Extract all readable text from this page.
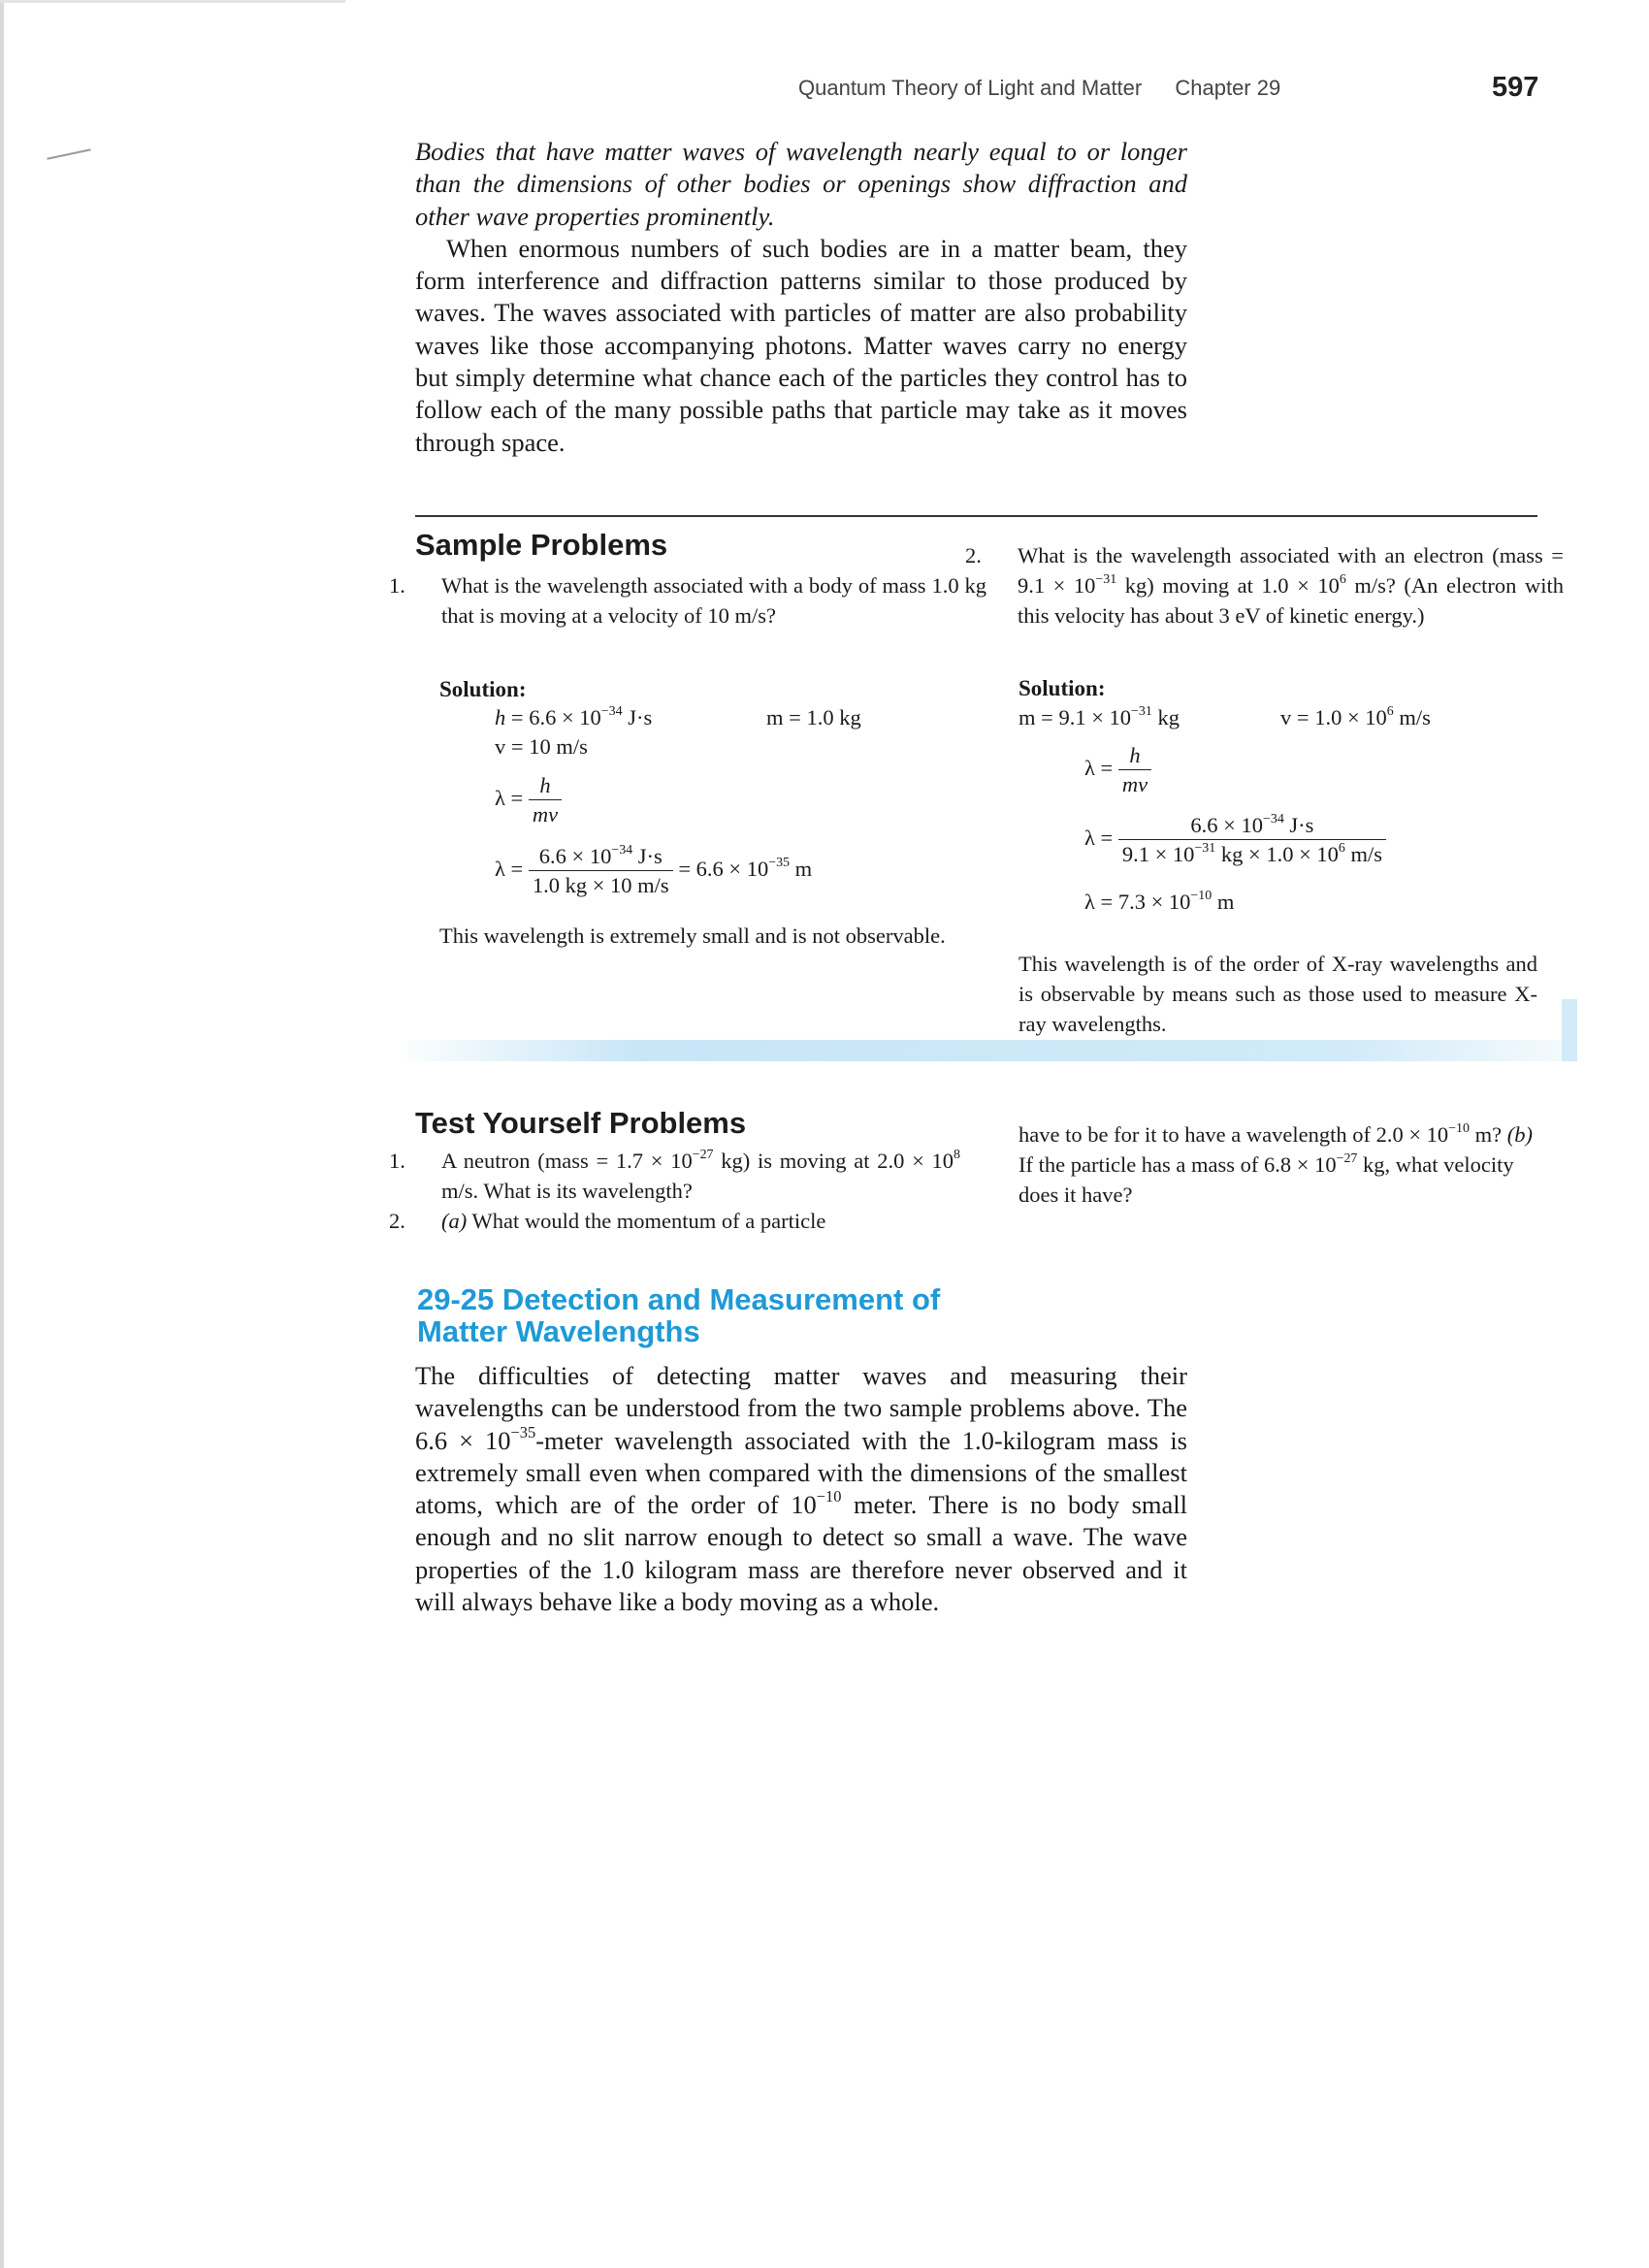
Quantum Theory of Light and Matter Chapter 29	597

Bodies that have matter waves of wavelength nearly equal to or longer than the dimensions of other bodies or openings show diffraction and other wave properties prominently.

When enormous numbers of such bodies are in a matter beam, they form interference and diffraction patterns similar to those produced by waves. The waves associated with particles of matter are also probability waves like those accompanying photons. Matter waves carry no energy but simply determine what chance each of the particles they control has to follow each of the many possible paths that particle may take as it moves through space.

Sample Problems
1. What is the wavelength associated with a body of mass 1.0 kg that is moving at a velocity of 10 m/s?
Solution:
$h = 6.6 \times 10^{-34}$ J·s	m = 1.0 kg
v = 10 m/s
$\lambda = \frac{h}{mv}$
$\lambda = \frac{6.6 \times 10^{-34} J\cdot s}{1.0 kg \times 10 m/s} = 6.6 \times 10^{-35}$ m
This wavelength is extremely small and is not observable.
2. What is the wavelength associated with an electron (mass = $9.1 \times 10^{-31}$ kg) moving at $1.0 \times 10^6$ m/s? (An electron with this velocity has about 3 eV of kinetic energy.)
Solution:
$m = 9.1 \times 10^{-31}$ kg	$v = 1.0 \times 10^6$ m/s
$\lambda = \frac{h}{mv}$
$\lambda = \frac{6.6 \times 10^{-34} J\cdot s}{9.1 \times 10^{-31} kg \times 1.0 \times 10^6 m/s}$
$\lambda = 7.3 \times 10^{-10}$ m
This wavelength is of the order of X-ray wavelengths and is observable by means such as those used to measure X-ray wavelengths.
Test Yourself Problems
1. A neutron (mass = $1.7 \times 10^{-27}$ kg) is moving at $2.0 \times 10^8$ m/s. What is its wavelength?
2. (a) What would the momentum of a particle
have to be for it to have a wavelength of $2.0 \times 10^{-10}$ m? (b) If the particle has a mass of $6.8 \times 10^{-27}$ kg, what velocity does it have?
29-25 Detection and Measurement of
Matter Wavelengths
The difficulties of detecting matter waves and measuring their wavelengths can be understood from the two sample problems above. The $6.6 \times 10^{-35}$-meter wavelength associated with the 1.0-kilogram mass is extremely small even when compared with the dimensions of the smallest atoms, which are of the order of $10^{-10}$ meter. There is no body small enough and no slit narrow enough to detect so small a wave. The wave properties of the 1.0 kilogram mass are therefore never observed and it will always behave like a body moving as a whole.
